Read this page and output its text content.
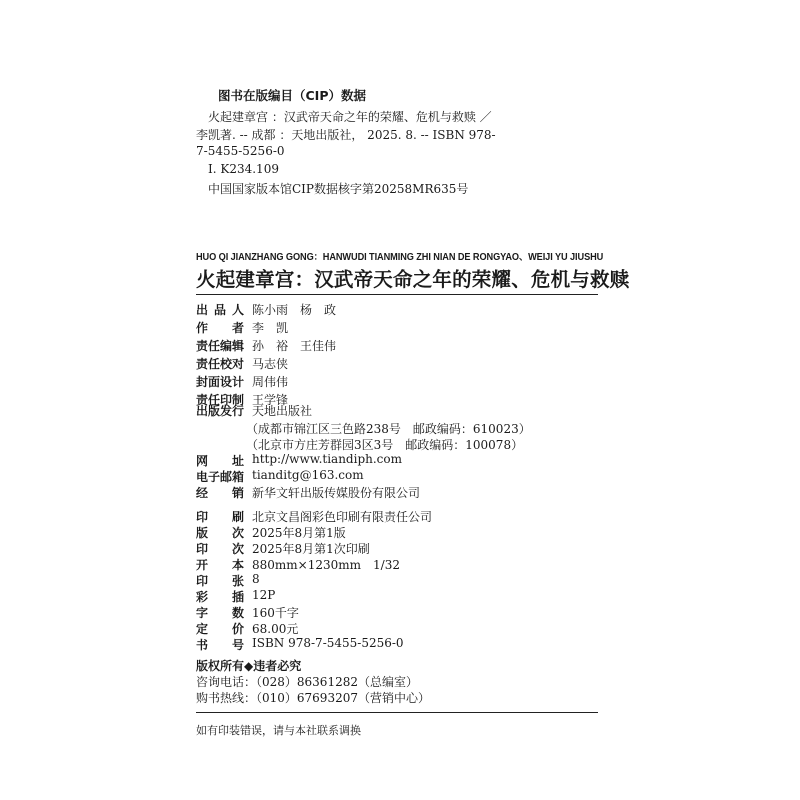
图书在版编目（CIP）数据
火起建章宫 ：汉武帝天命之年的荣耀、危机与救赎 ／
李凯著. -- 成都 ：天地出版社， 2025. 8. -- ISBN 978-
7-5455-5256-0
Ⅰ. K234.109
中国国家版本馆CIP数据核字第20258MR635号
HUO QI JIANZHANG GONG：HANWUDI TIANMING ZHI NIAN DE RONGYAO、WEIJI YU JIUSHU
火起建章宫：汉武帝天命之年的荣耀、危机与救赎
出品人 陈小雨　杨　政
作者 李　凯
责任编辑 孙　裕　王佳伟
责任校对 马志侠
封面设计 周伟伟
责任印制 王学锋
出版发行 天地出版社
（成都市锦江区三色路238号　邮政编码：610023）
（北京市方庄芳群园3区3号　邮政编码：100078）
网址 http://www.tiandiph.com
电子邮箱 tianditg@163.com
经销 新华文轩出版传媒股份有限公司
印刷 北京文昌阁彩色印刷有限责任公司
版次 2025年8月第1版
印次 2025年8月第1次印刷
开本 880mm×1230mm　1/32
印张 8
彩插 12P
字数 160千字
定价 68.00元
书号 ISBN 978-7-5455-5256-0
版权所有◆违者必究
咨询电话：（028）86361282（总编室）
购书热线：（010）67693207（营销中心）
如有印装错误，请与本社联系调换
